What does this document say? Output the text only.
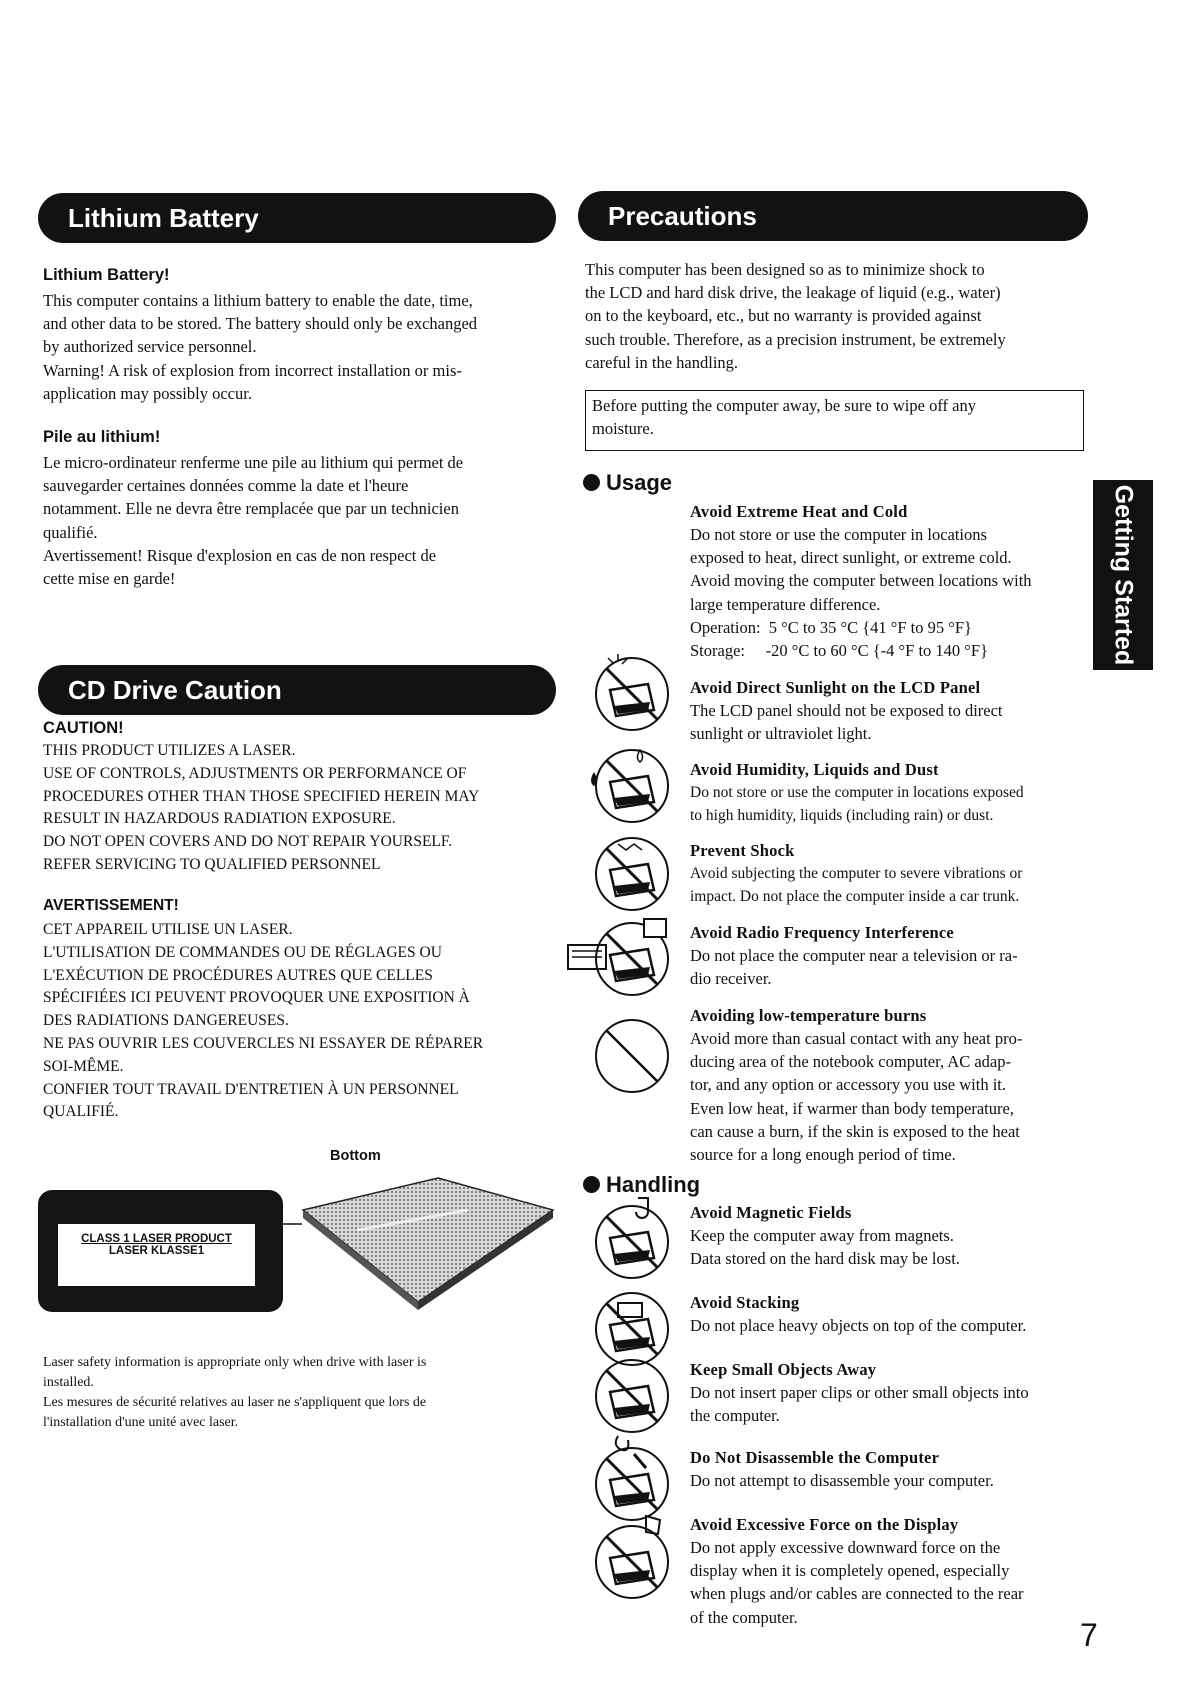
Lithium Battery
Lithium Battery!
This computer contains a lithium battery to enable the date, time,
and other data to be stored. The battery should only be exchanged
by authorized service personnel.
Warning! A risk of explosion from incorrect installation or mis-
application may possibly occur.
Pile au lithium!
Le micro-ordinateur renferme une pile au lithium qui permet de
sauvegarder certaines données comme la date et l'heure
notamment. Elle ne devra être remplacée que par un technicien
qualifié.
Avertissement! Risque d'explosion en cas de non respect de
cette mise en garde!
CD Drive Caution
CAUTION!
THIS PRODUCT UTILIZES A LASER.
USE OF CONTROLS, ADJUSTMENTS OR PERFORMANCE OF
PROCEDURES OTHER THAN THOSE SPECIFIED HEREIN MAY
RESULT IN HAZARDOUS RADIATION EXPOSURE.
DO NOT OPEN COVERS AND DO NOT REPAIR YOURSELF.
REFER SERVICING TO QUALIFIED PERSONNEL
AVERTISSEMENT!
CET APPAREIL UTILISE UN LASER.
L'UTILISATION DE COMMANDES OU DE RÉGLAGES OU
L'EXÉCUTION DE PROCÉDURES AUTRES QUE CELLES
SPÉCIFIÉES ICI PEUVENT PROVOQUER UNE EXPOSITION À
DES RADIATIONS DANGEREUSES.
NE PAS OUVRIR LES COUVERCLES NI ESSAYER DE RÉPARER
SOI-MÊME.
CONFIER TOUT TRAVAIL D'ENTRETIEN À UN PERSONNEL
QUALIFIÉ.
Bottom
CLASS 1 LASER PRODUCT
LASER KLASSE1
Laser safety information is appropriate only when drive with laser is
installed.
Les mesures de sécurité relatives au laser ne s'appliquent que lors de
l'installation d'une unité avec laser.
Precautions
This computer has been designed so as to minimize shock to
the LCD and hard disk drive, the leakage of liquid (e.g., water)
on to the keyboard, etc., but no warranty is provided against
such trouble. Therefore, as a precision instrument, be extremely
careful in the handling.
Before putting the computer away, be sure to wipe off any
moisture.
Usage
Getting Started
Avoid Extreme Heat and Cold
Do not store or use the computer in locations
exposed to heat, direct sunlight, or extreme cold.
Avoid moving the computer between locations with
large temperature difference.
Operation:  5 °C to 35 °C {41 °F to 95 °F}
Storage:     -20 °C to 60 °C {-4 °F to 140 °F}
Avoid Direct Sunlight on the LCD Panel
The LCD panel should not be exposed to direct
sunlight or ultraviolet light.
Avoid Humidity, Liquids and Dust
Do not store or use the computer in locations exposed
to high humidity, liquids (including rain) or dust.
Prevent Shock
Avoid subjecting the computer to severe vibrations or
impact. Do not place the computer inside a car trunk.
Avoid Radio Frequency Interference
Do not place the computer near a television or ra-
dio receiver.
Avoiding low-temperature burns
Avoid more than casual contact with any heat pro-
ducing area of the notebook computer, AC adap-
tor, and any option or accessory you use with it.
Even low heat, if warmer than body temperature,
can cause a burn, if the skin is exposed to the heat
source for a long enough period of time.
Handling
Avoid Magnetic Fields
Keep the computer away from magnets.
Data stored on the hard disk may be lost.
Avoid Stacking
Do not place heavy objects on top of the computer.
Keep Small Objects Away
Do not insert paper clips or other small objects into
the computer.
Do Not Disassemble the Computer
Do not attempt to disassemble your computer.
Avoid Excessive Force on the Display
Do not apply excessive downward force on the
display when it is completely opened, especially
when plugs and/or cables are connected to the rear
of the computer.	7
